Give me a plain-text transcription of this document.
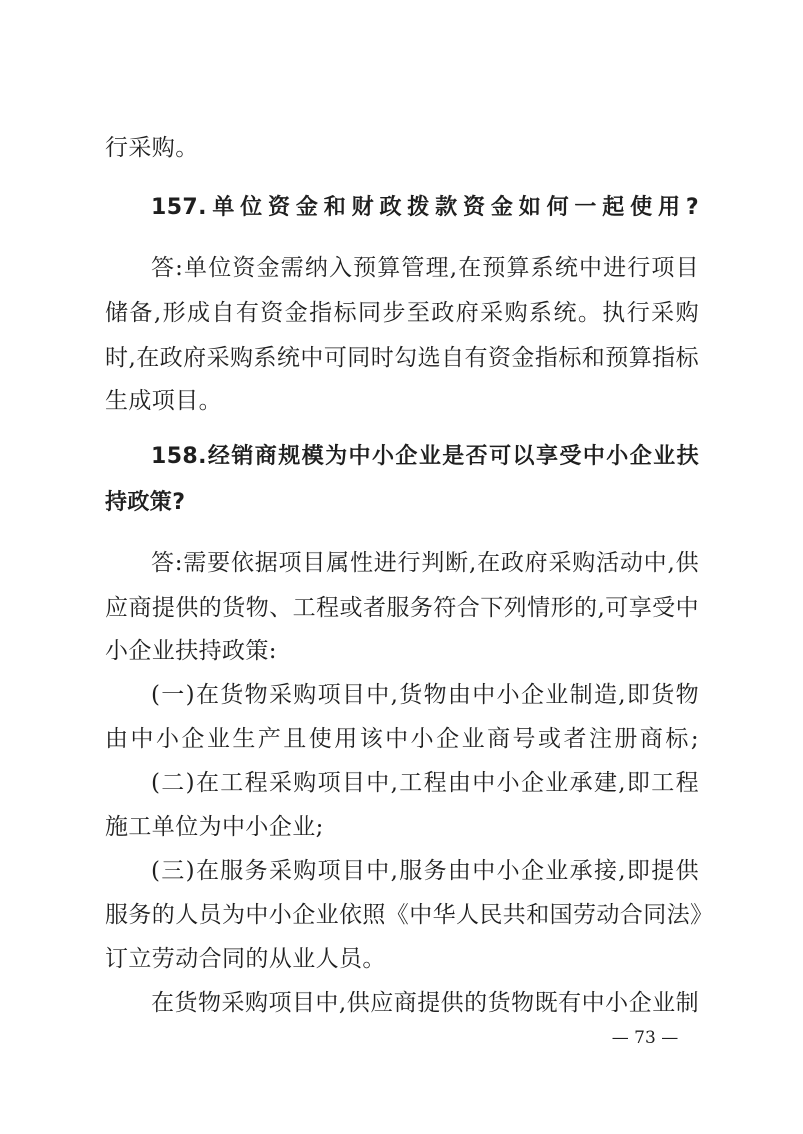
行采购。
157.单位资金和财政拨款资金如何一起使用?
答:单位资金需纳入预算管理,在预算系统中进行项目
储备,形成自有资金指标同步至政府采购系统。执行采购
时,在政府采购系统中可同时勾选自有资金指标和预算指标
生成项目。
158.经销商规模为中小企业是否可以享受中小企业扶
持政策?
答:需要依据项目属性进行判断,在政府采购活动中,供
应商提供的货物、工程或者服务符合下列情形的,可享受中
小企业扶持政策:
(一)在货物采购项目中,货物由中小企业制造,即货物
由中小企业生产且使用该中小企业商号或者注册商标;
(二)在工程采购项目中,工程由中小企业承建,即工程
施工单位为中小企业;
(三)在服务采购项目中,服务由中小企业承接,即提供
服务的人员为中小企业依照《中华人民共和国劳动合同法》
订立劳动合同的从业人员。
在货物采购项目中,供应商提供的货物既有中小企业制
— 73 —
